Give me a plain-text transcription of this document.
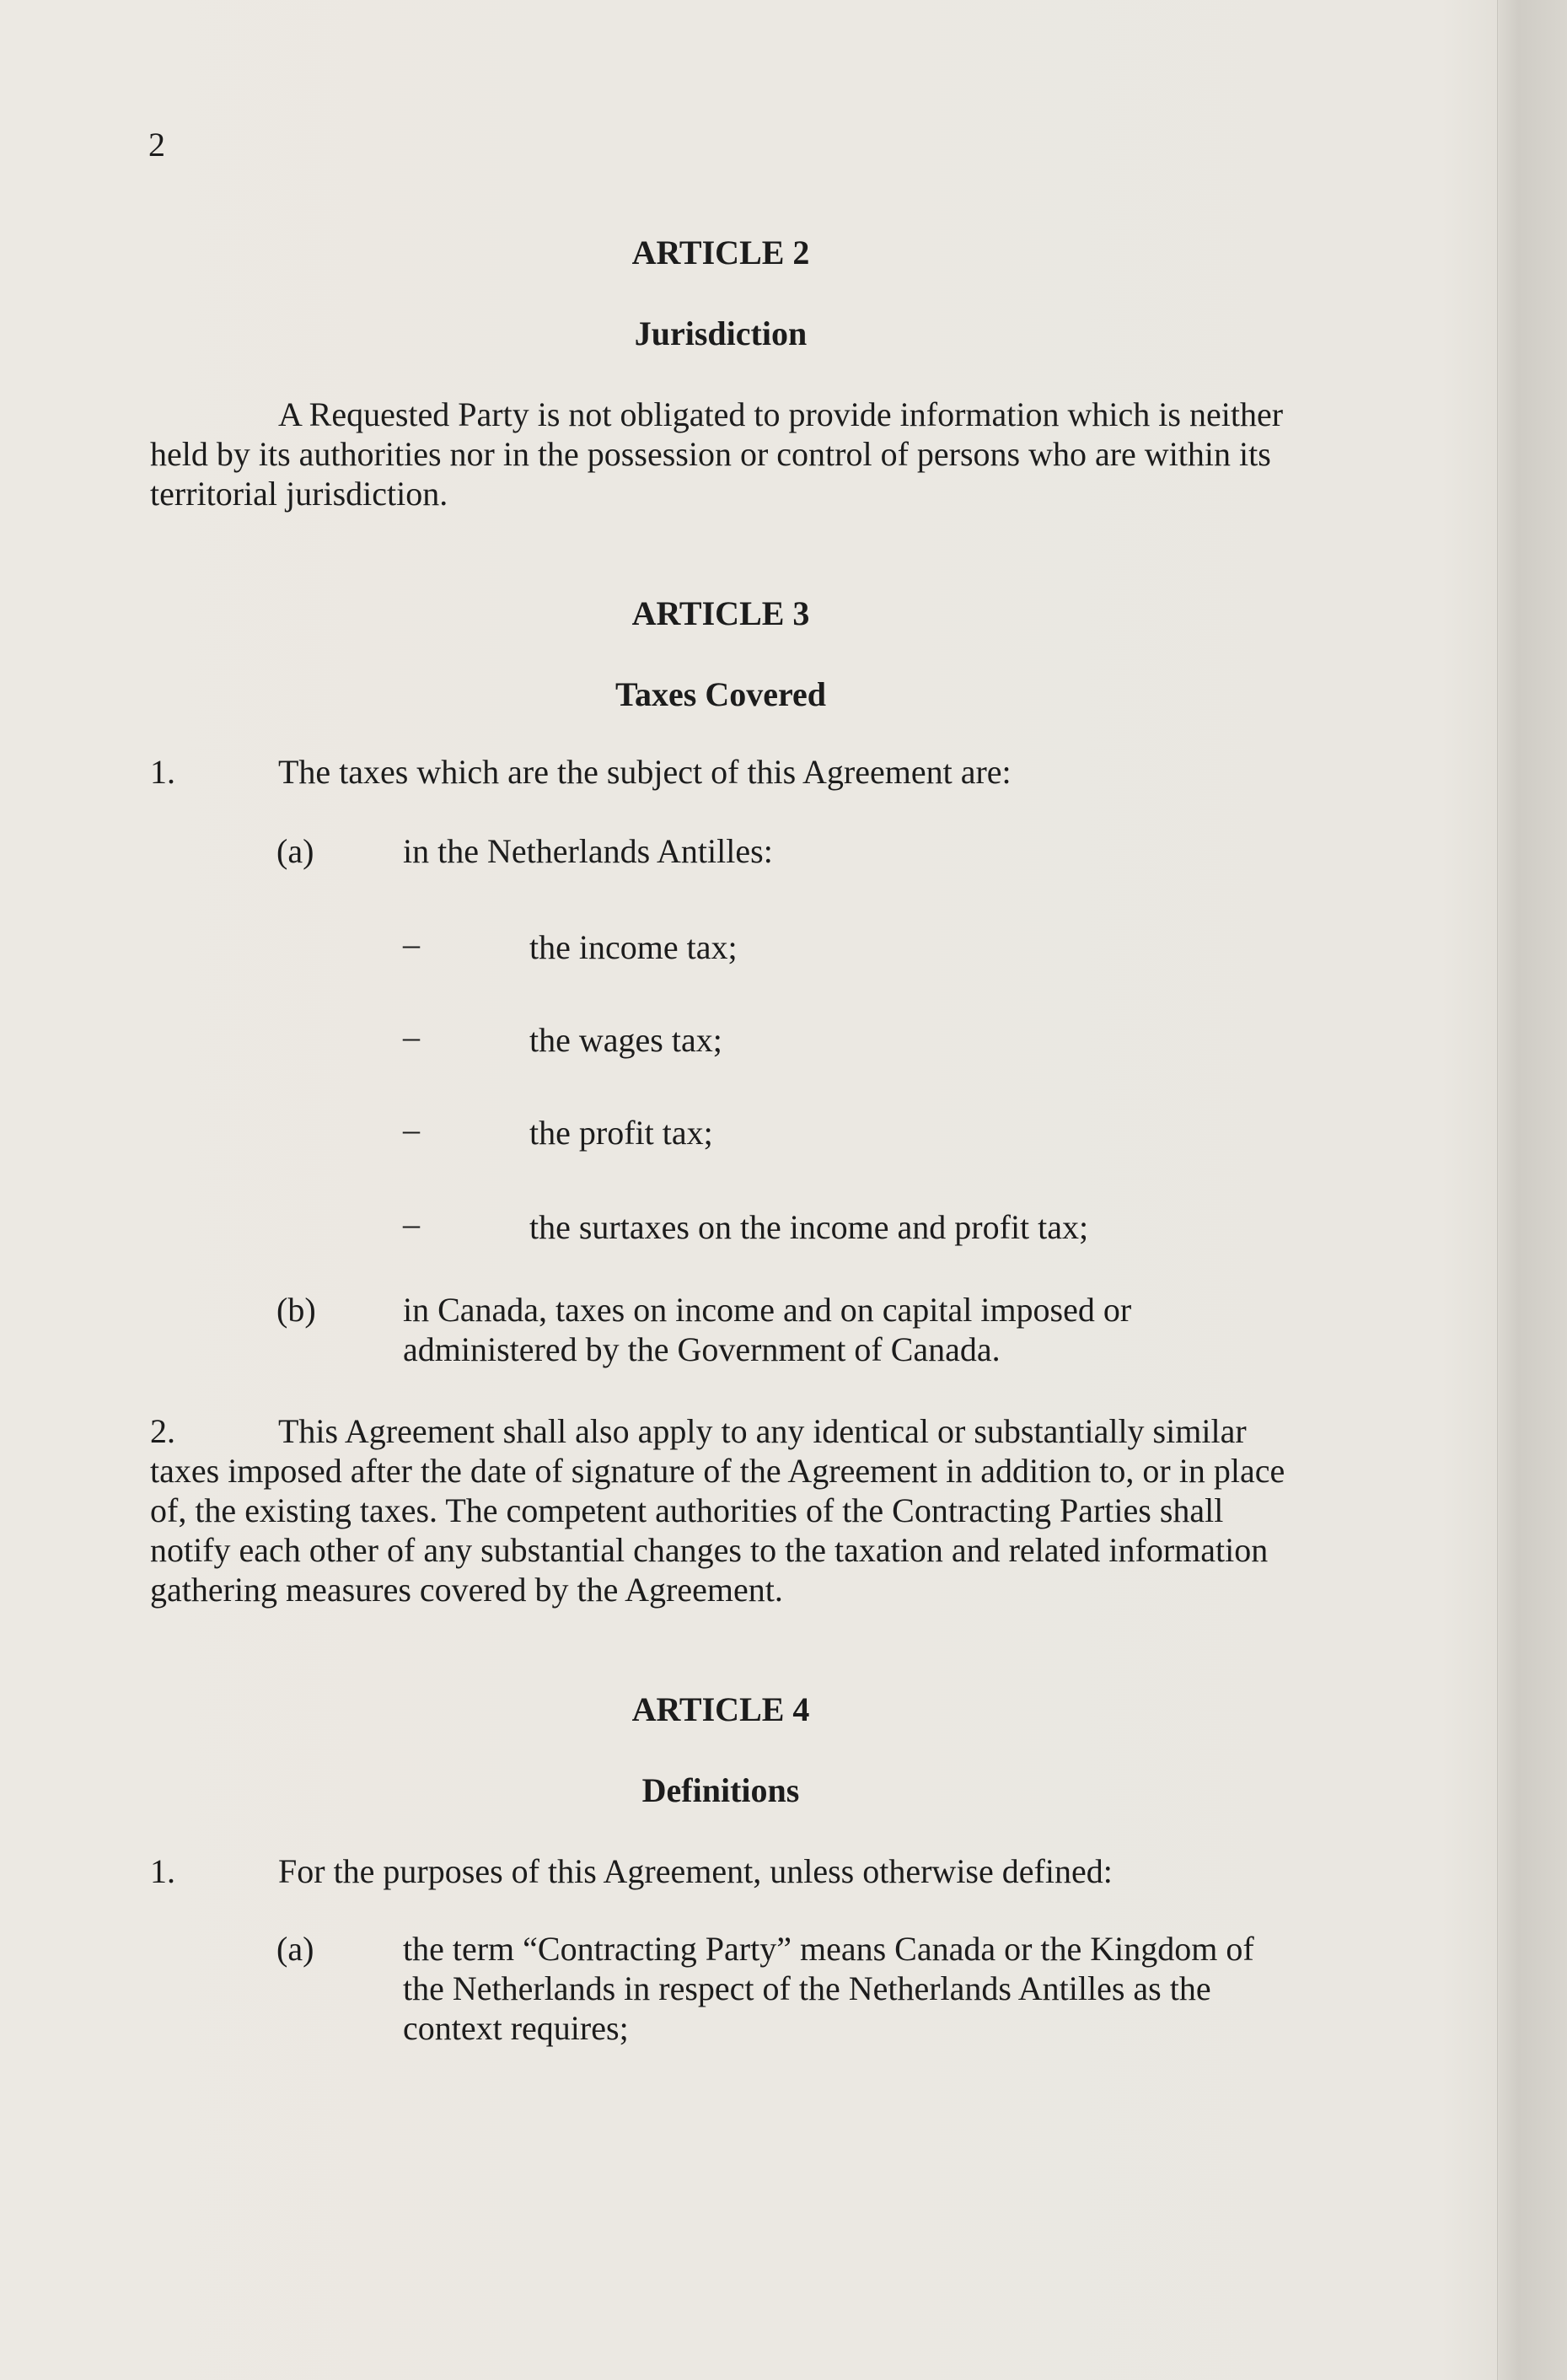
2
ARTICLE 2
Jurisdiction

A Requested Party is not obligated to provide information which is neither held by its authorities nor in the possession or control of persons who are within its territorial jurisdiction.

ARTICLE 3
Taxes Covered
1.	The taxes which are the subject of this Agreement are:
(a)	in the Netherlands Antilles:
–	the income tax;
–	the wages tax;
–	the profit tax;
–	the surtaxes on the income and profit tax;
(b)	in Canada, taxes on income and on capital imposed or administered by the Government of Canada.

2.	This Agreement shall also apply to any identical or substantially similar taxes imposed after the date of signature of the Agreement in addition to, or in place of, the existing taxes. The competent authorities of the Contracting Parties shall notify each other of any substantial changes to the taxation and related information gathering measures covered by the Agreement.

ARTICLE 4
Definitions
1.	For the purposes of this Agreement, unless otherwise defined:
(a)	the term “Contracting Party” means Canada or the Kingdom of the Netherlands in respect of the Netherlands Antilles as the context requires;
